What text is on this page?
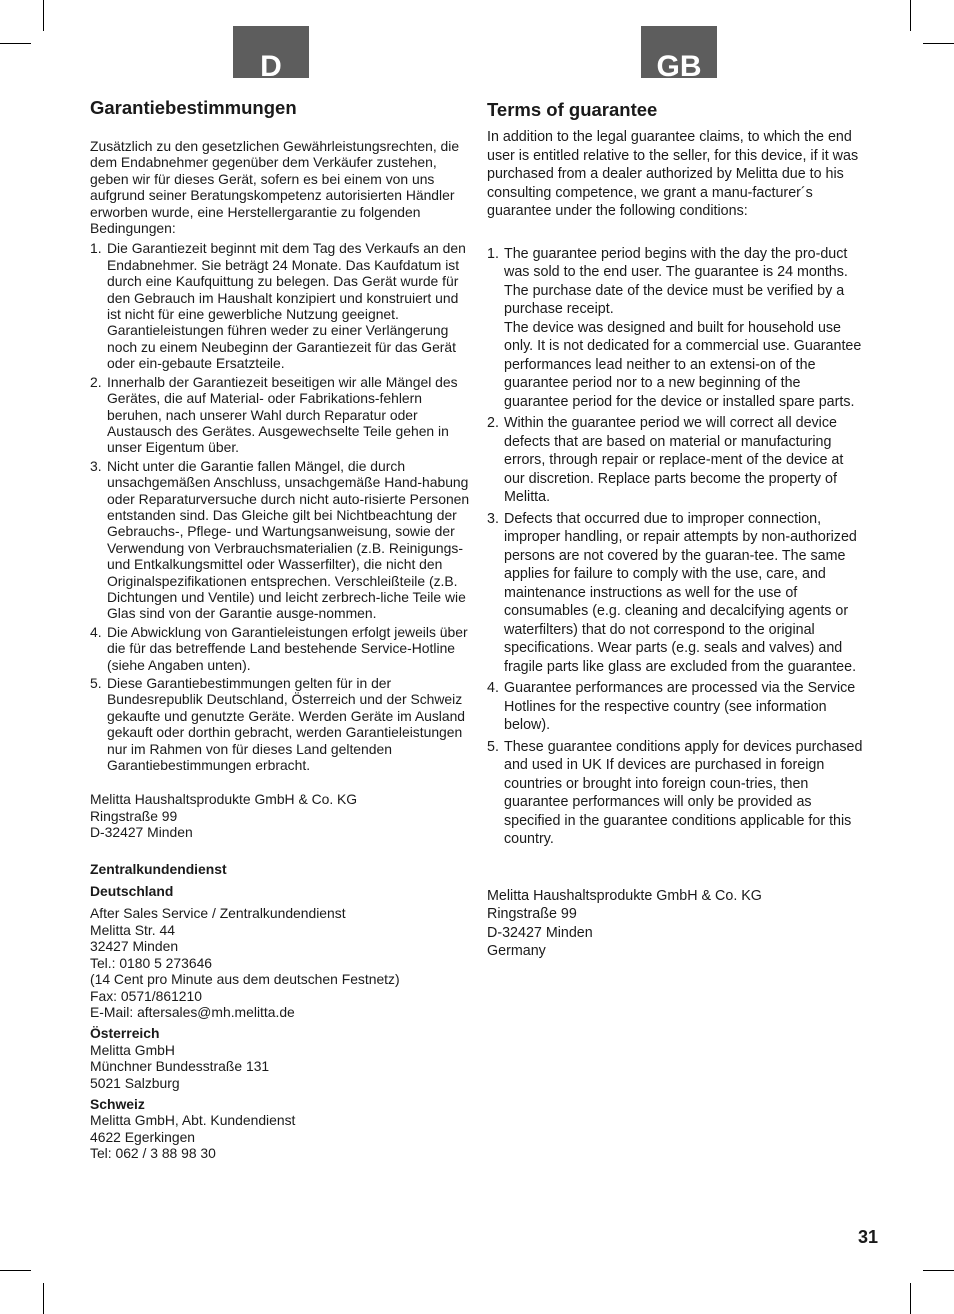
D	GB
Garantiebestimmungen

Zusätzlich zu den gesetzlichen Gewährleistungsrechten, die dem Endabnehmer gegenüber dem Verkäufer zustehen, geben wir für dieses Gerät, sofern es bei einem von uns aufgrund seiner Beratungskompetenz autorisierten Händler erworben wurde, eine Herstellergarantie zu folgenden Bedingungen:

1. Die Garantiezeit beginnt mit dem Tag des Verkaufs an den Endabnehmer. Sie beträgt 24 Monate. Das Kaufdatum ist durch eine Kaufquittung zu belegen. Das Gerät wurde für den Gebrauch im Haushalt konzipiert und konstruiert und ist nicht für eine gewerbliche Nutzung geeignet. Garantieleistungen führen weder zu einer Verlängerung noch zu einem Neubeginn der Garantiezeit für das Gerät oder ein-gebaute Ersatzteile.
2. Innerhalb der Garantiezeit beseitigen wir alle Mängel des Gerätes, die auf Material- oder Fabrikations-fehlern beruhen, nach unserer Wahl durch Reparatur oder Austausch des Gerätes. Ausgewechselte Teile gehen in unser Eigentum über.
3. Nicht unter die Garantie fallen Mängel, die durch unsachgemäßen Anschluss, unsachgemäße Hand-habung oder Reparaturversuche durch nicht auto-risierte Personen entstanden sind. Das Gleiche gilt bei Nichtbeachtung der Gebrauchs-, Pflege- und Wartungsanweisung, sowie der Verwendung von Verbrauchsmaterialien (z.B. Reinigungs- und Entkalkungsmittel oder Wasserfilter), die nicht den Originalspezifikationen entsprechen. Verschleißteile (z.B. Dichtungen und Ventile) und leicht zerbrech-liche Teile wie Glas sind von der Garantie ausge-nommen.
4. Die Abwicklung von Garantieleistungen erfolgt jeweils über die für das betreffende Land bestehende Service-Hotline (siehe Angaben unten).
5. Diese Garantiebestimmungen gelten für in der Bundesrepublik Deutschland, Österreich und der Schweiz gekaufte und genutzte Geräte. Werden Geräte im Ausland gekauft oder dorthin gebracht, werden Garantieleistungen nur im Rahmen von für dieses Land geltenden Garantiebestimmungen erbracht.
Melitta Haushaltsprodukte GmbH & Co. KG
Ringstraße 99
D-32427 Minden
Zentralkundendienst
Deutschland
After Sales Service / Zentralkundendienst
Melitta Str. 44
32427 Minden
Tel.: 0180 5 273646
(14 Cent pro Minute aus dem deutschen Festnetz)
Fax: 0571/861210
E-Mail: aftersales@mh.melitta.de
Österreich
Melitta GmbH
Münchner Bundesstraße 131
5021 Salzburg
Schweiz
Melitta GmbH, Abt. Kundendienst
4622 Egerkingen
Tel: 062 / 3 88 98 30
Terms of guarantee

In addition to the legal guarantee claims, to which the end user is entitled relative to the seller, for this device, if it was purchased from a dealer authorized by Melitta due to his consulting competence, we grant a manu-facturer´s guarantee under the following conditions:

1. The guarantee period begins with the day the pro-duct was sold to the end user. The guarantee is 24 months. The purchase date of the device must be verified by a purchase receipt.
The device was designed and built for household use only. It is not dedicated for a commercial use. Guarantee performances lead neither to an extensi-on of the guarantee period nor to a new beginning of the guarantee period for the device or installed spare parts.
2. Within the guarantee period we will correct all device defects that are based on material or manufacturing errors, through repair or replace-ment of the device at our discretion. Replace parts become the property of Melitta.
3. Defects that occurred due to improper connection, improper handling, or repair attempts by non-authorized persons are not covered by the guaran-tee. The same applies for failure to comply with the use, care, and maintenance instructions as well for the use of consumables (e.g. cleaning and decalcifying agents or waterfilters) that do not correspond to the original specifications. Wear parts (e.g. seals and valves) and fragile parts like glass are excluded from the guarantee.
4. Guarantee performances are processed via the Service Hotlines for the respective country (see information below).
5. These guarantee conditions apply for devices purchased and used in UK If devices are purchased in foreign countries or brought into foreign coun-tries, then guarantee performances will only be provided as specified in the guarantee conditions applicable for this country.
Melitta Haushaltsprodukte GmbH & Co. KG
Ringstraße 99
D-32427 Minden
Germany
31
